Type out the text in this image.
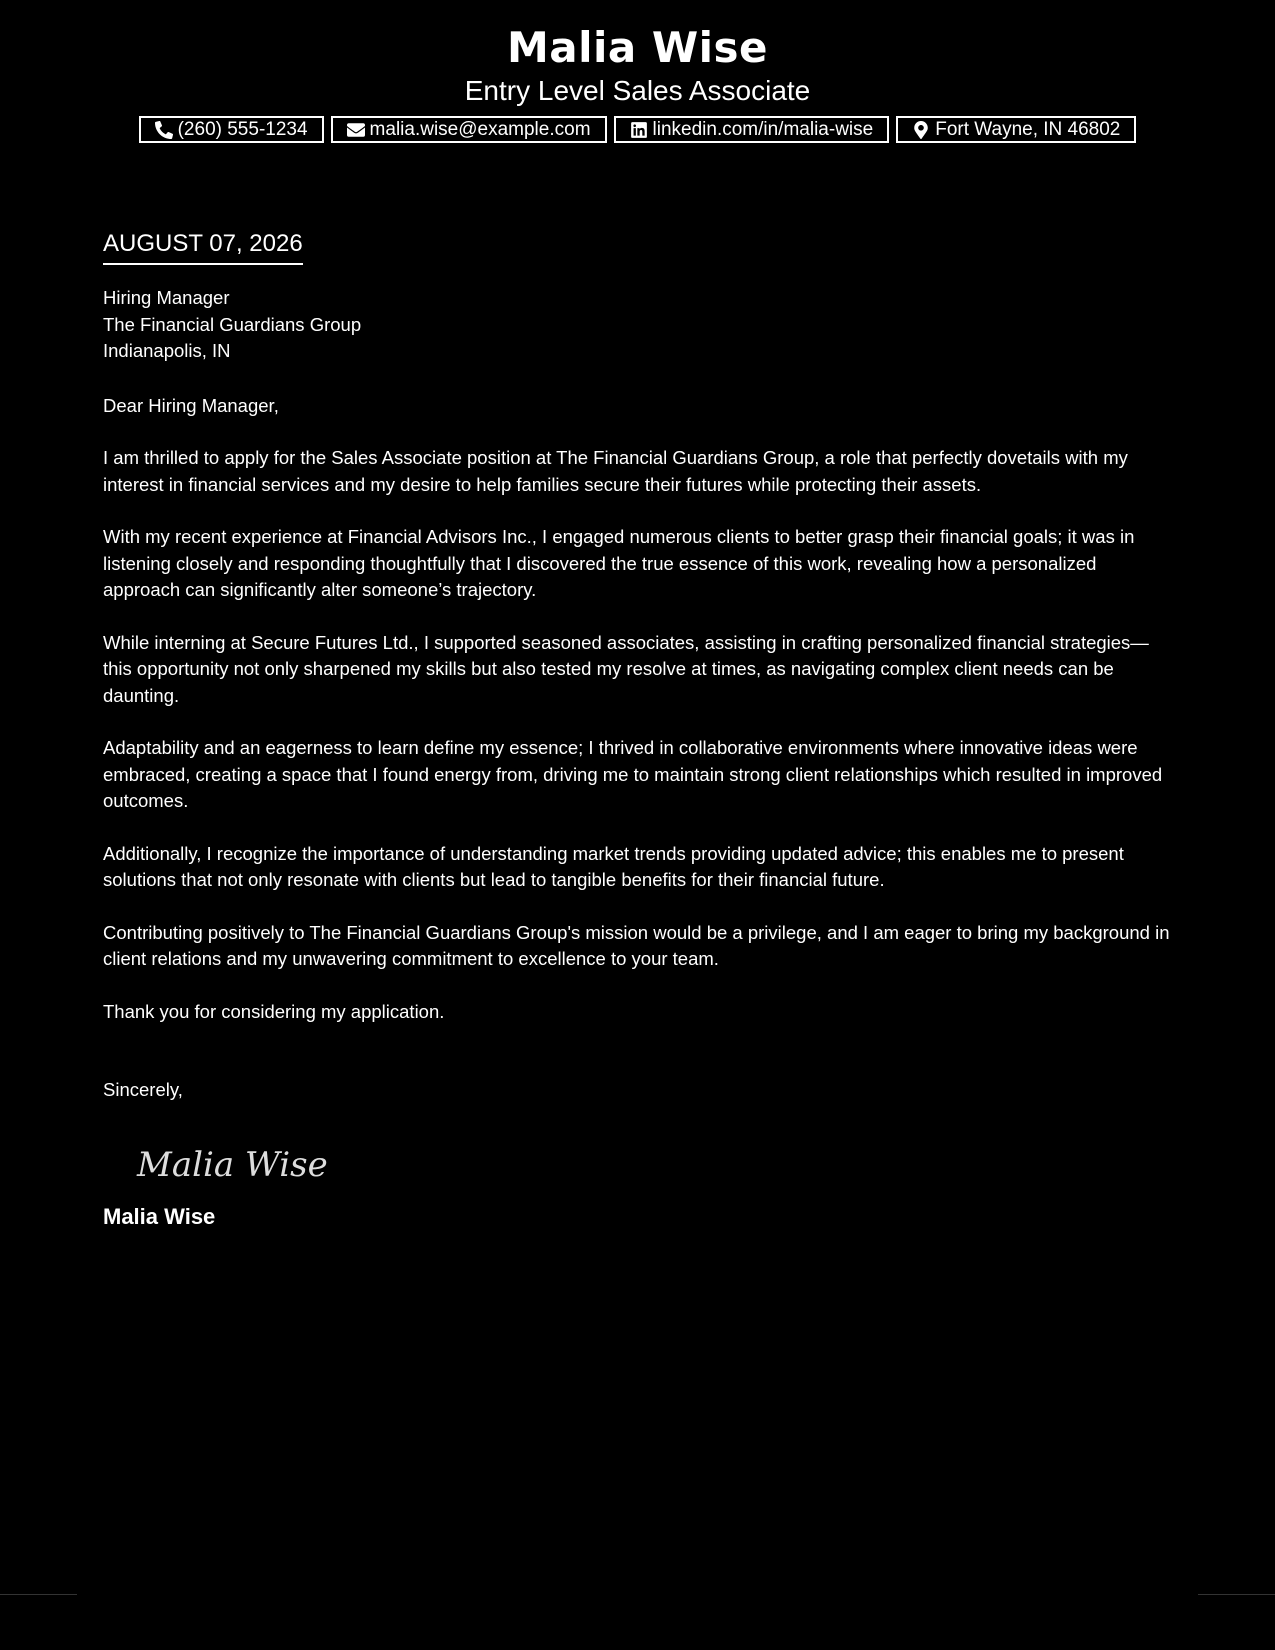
Malia Wise
Entry Level Sales Associate
(260) 555-1234	malia.wise@example.com	linkedin.com/in/malia-wise	Fort Wayne, IN 46802
AUGUST 07, 2026
Hiring Manager
The Financial Guardians Group
Indianapolis, IN
Dear Hiring Manager,

I am thrilled to apply for the Sales Associate position at The Financial Guardians Group, a role that perfectly dovetails with my interest in financial services and my desire to help families secure their futures while protecting their assets.

With my recent experience at Financial Advisors Inc., I engaged numerous clients to better grasp their financial goals; it was in listening closely and responding thoughtfully that I discovered the true essence of this work, revealing how a personalized approach can significantly alter someone’s trajectory.

While interning at Secure Futures Ltd., I supported seasoned associates, assisting in crafting personalized financial strategies—this opportunity not only sharpened my skills but also tested my resolve at times, as navigating complex client needs can be daunting.

Adaptability and an eagerness to learn define my essence; I thrived in collaborative environments where innovative ideas were embraced, creating a space that I found energy from, driving me to maintain strong client relationships which resulted in improved outcomes.

Additionally, I recognize the importance of understanding market trends providing updated advice; this enables me to present solutions that not only resonate with clients but lead to tangible benefits for their financial future.

Contributing positively to The Financial Guardians Group's mission would be a privilege, and I am eager to bring my background in client relations and my unwavering commitment to excellence to your team.

Thank you for considering my application.

Sincerely,
Malia Wise
Malia Wise
